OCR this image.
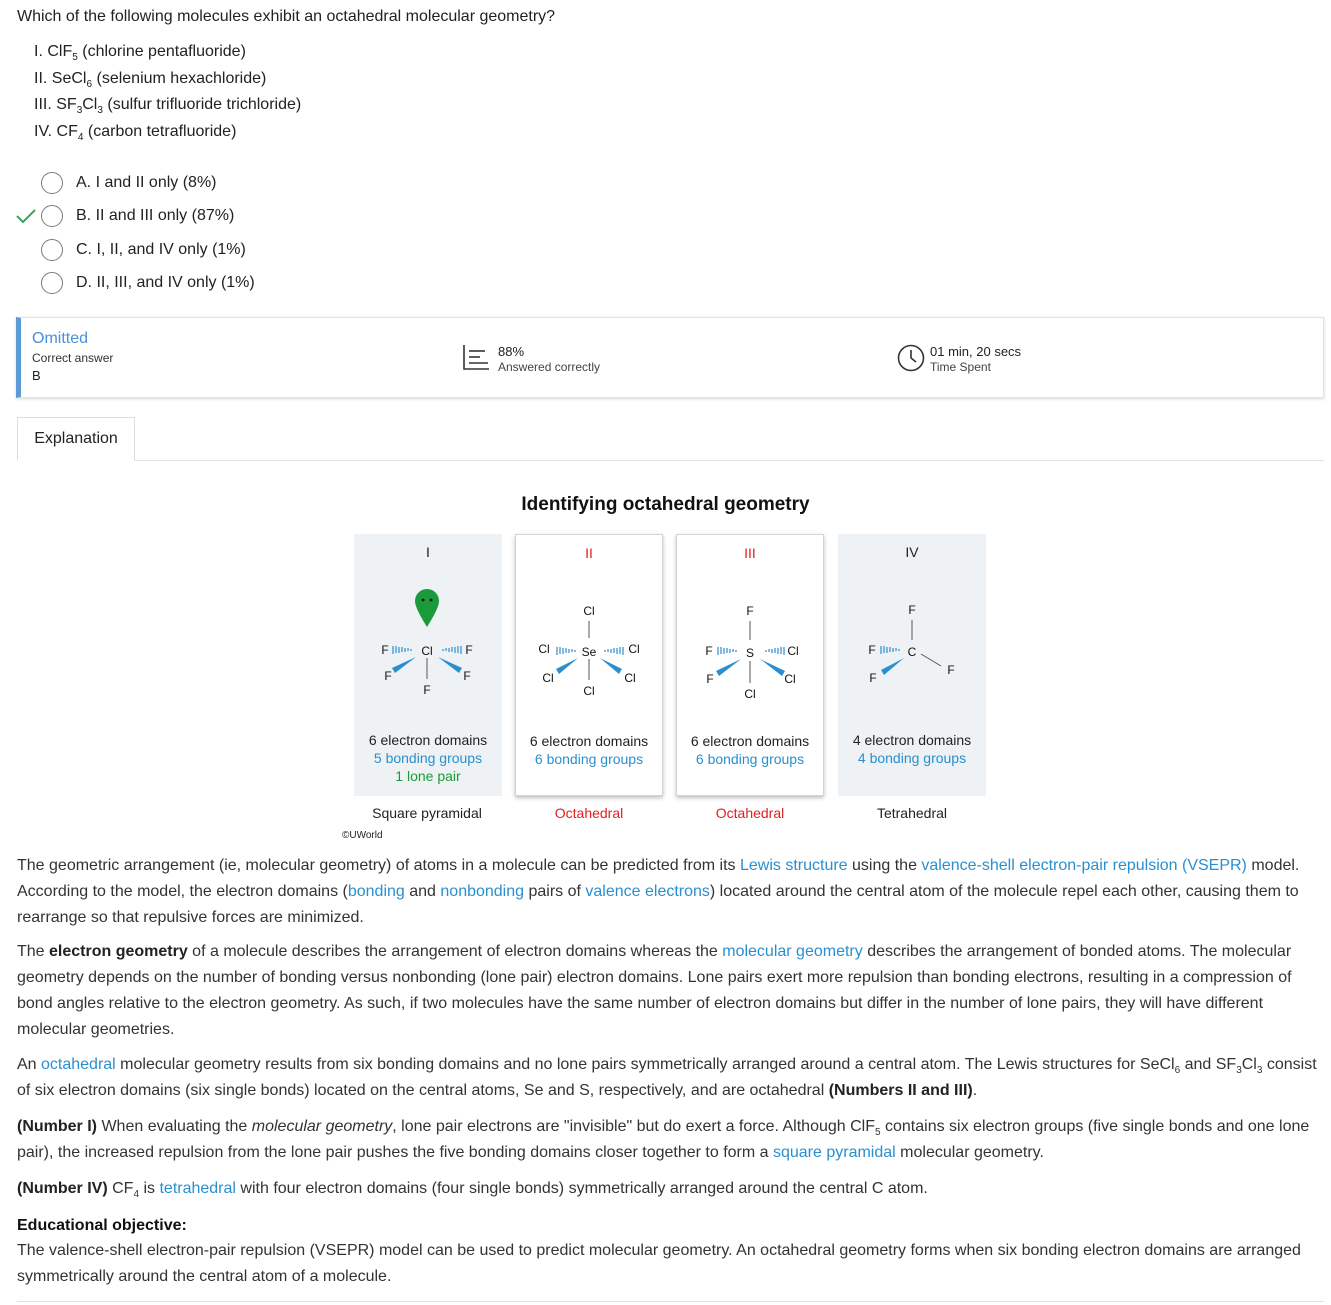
Which of the following molecules exhibit an octahedral molecular geometry?
I. ClF$_5$ (chlorine pentafluoride)
II. SeCl$_6$ (selenium hexachloride)
III. $SF_3Cl_3$ (sulfur trifluoride trichloride)
IV. $CF_4$ (carbon tetrafluoride)
A. I and II only (8%)
B. II and III only (87%)
C. I, II, and IV only (1%)
D. II, III, and IV only (1%)
Omitted
Correct answer
B
88%
Answered correctly
01 min, 20 secs
Time Spent
Explanation
Identifying octahedral geometry
I
Cl
F	F
F	F
F
6 electron domains
5 bonding groups
1 lone pair
II
Cl
Se
Cl	Cl
Cl	Cl
Cl
6 electron domains
6 bonding groups
III
F
S
F	Cl
F	Cl
Cl
6 electron domains
6 bonding groups
IV
F
C
F
F
F
4 electron domains
4 bonding groups
Square pyramidal	Octahedral	Octahedral	Tetrahedral
©UWorld
The geometric arrangement (ie, molecular geometry) of atoms in a molecule can be predicted from its Lewis structure using the valence-shell electron-pair repulsion (VSEPR) model. According to the model, the electron domains (bonding and nonbonding pairs of valence electrons) located around the central atom of the molecule repel each other, causing them to rearrange so that repulsive forces are minimized.
The electron geometry of a molecule describes the arrangement of electron domains whereas the molecular geometry describes the arrangement of bonded atoms. The molecular geometry depends on the number of bonding versus nonbonding (lone pair) electron domains. Lone pairs exert more repulsion than bonding electrons, resulting in a compression of bond angles relative to the electron geometry. As such, if two molecules have the same number of electron domains but differ in the number of lone pairs, they will have different molecular geometries.
An octahedral molecular geometry results from six bonding domains and no lone pairs symmetrically arranged around a central atom. The Lewis structures for SeCl$_6$ and $SF_3Cl_3$ consist of six electron domains (six single bonds) located on the central atoms, Se and S, respectively, and are octahedral (Numbers II and III).
(Number I) When evaluating the molecular geometry, lone pair electrons are "invisible" but do exert a force. Although ClF$_5$ contains six electron groups (five single bonds and one lone pair), the increased repulsion from the lone pair pushes the five bonding domains closer together to form a square pyramidal molecular geometry.
(Number IV) $CF_4$ is tetrahedral with four electron domains (four single bonds) symmetrically arranged around the central C atom.
Educational objective:
The valence-shell electron-pair repulsion (VSEPR) model can be used to predict molecular geometry. An octahedral geometry forms when six bonding electron domains are arranged symmetrically around the central atom of a molecule.
